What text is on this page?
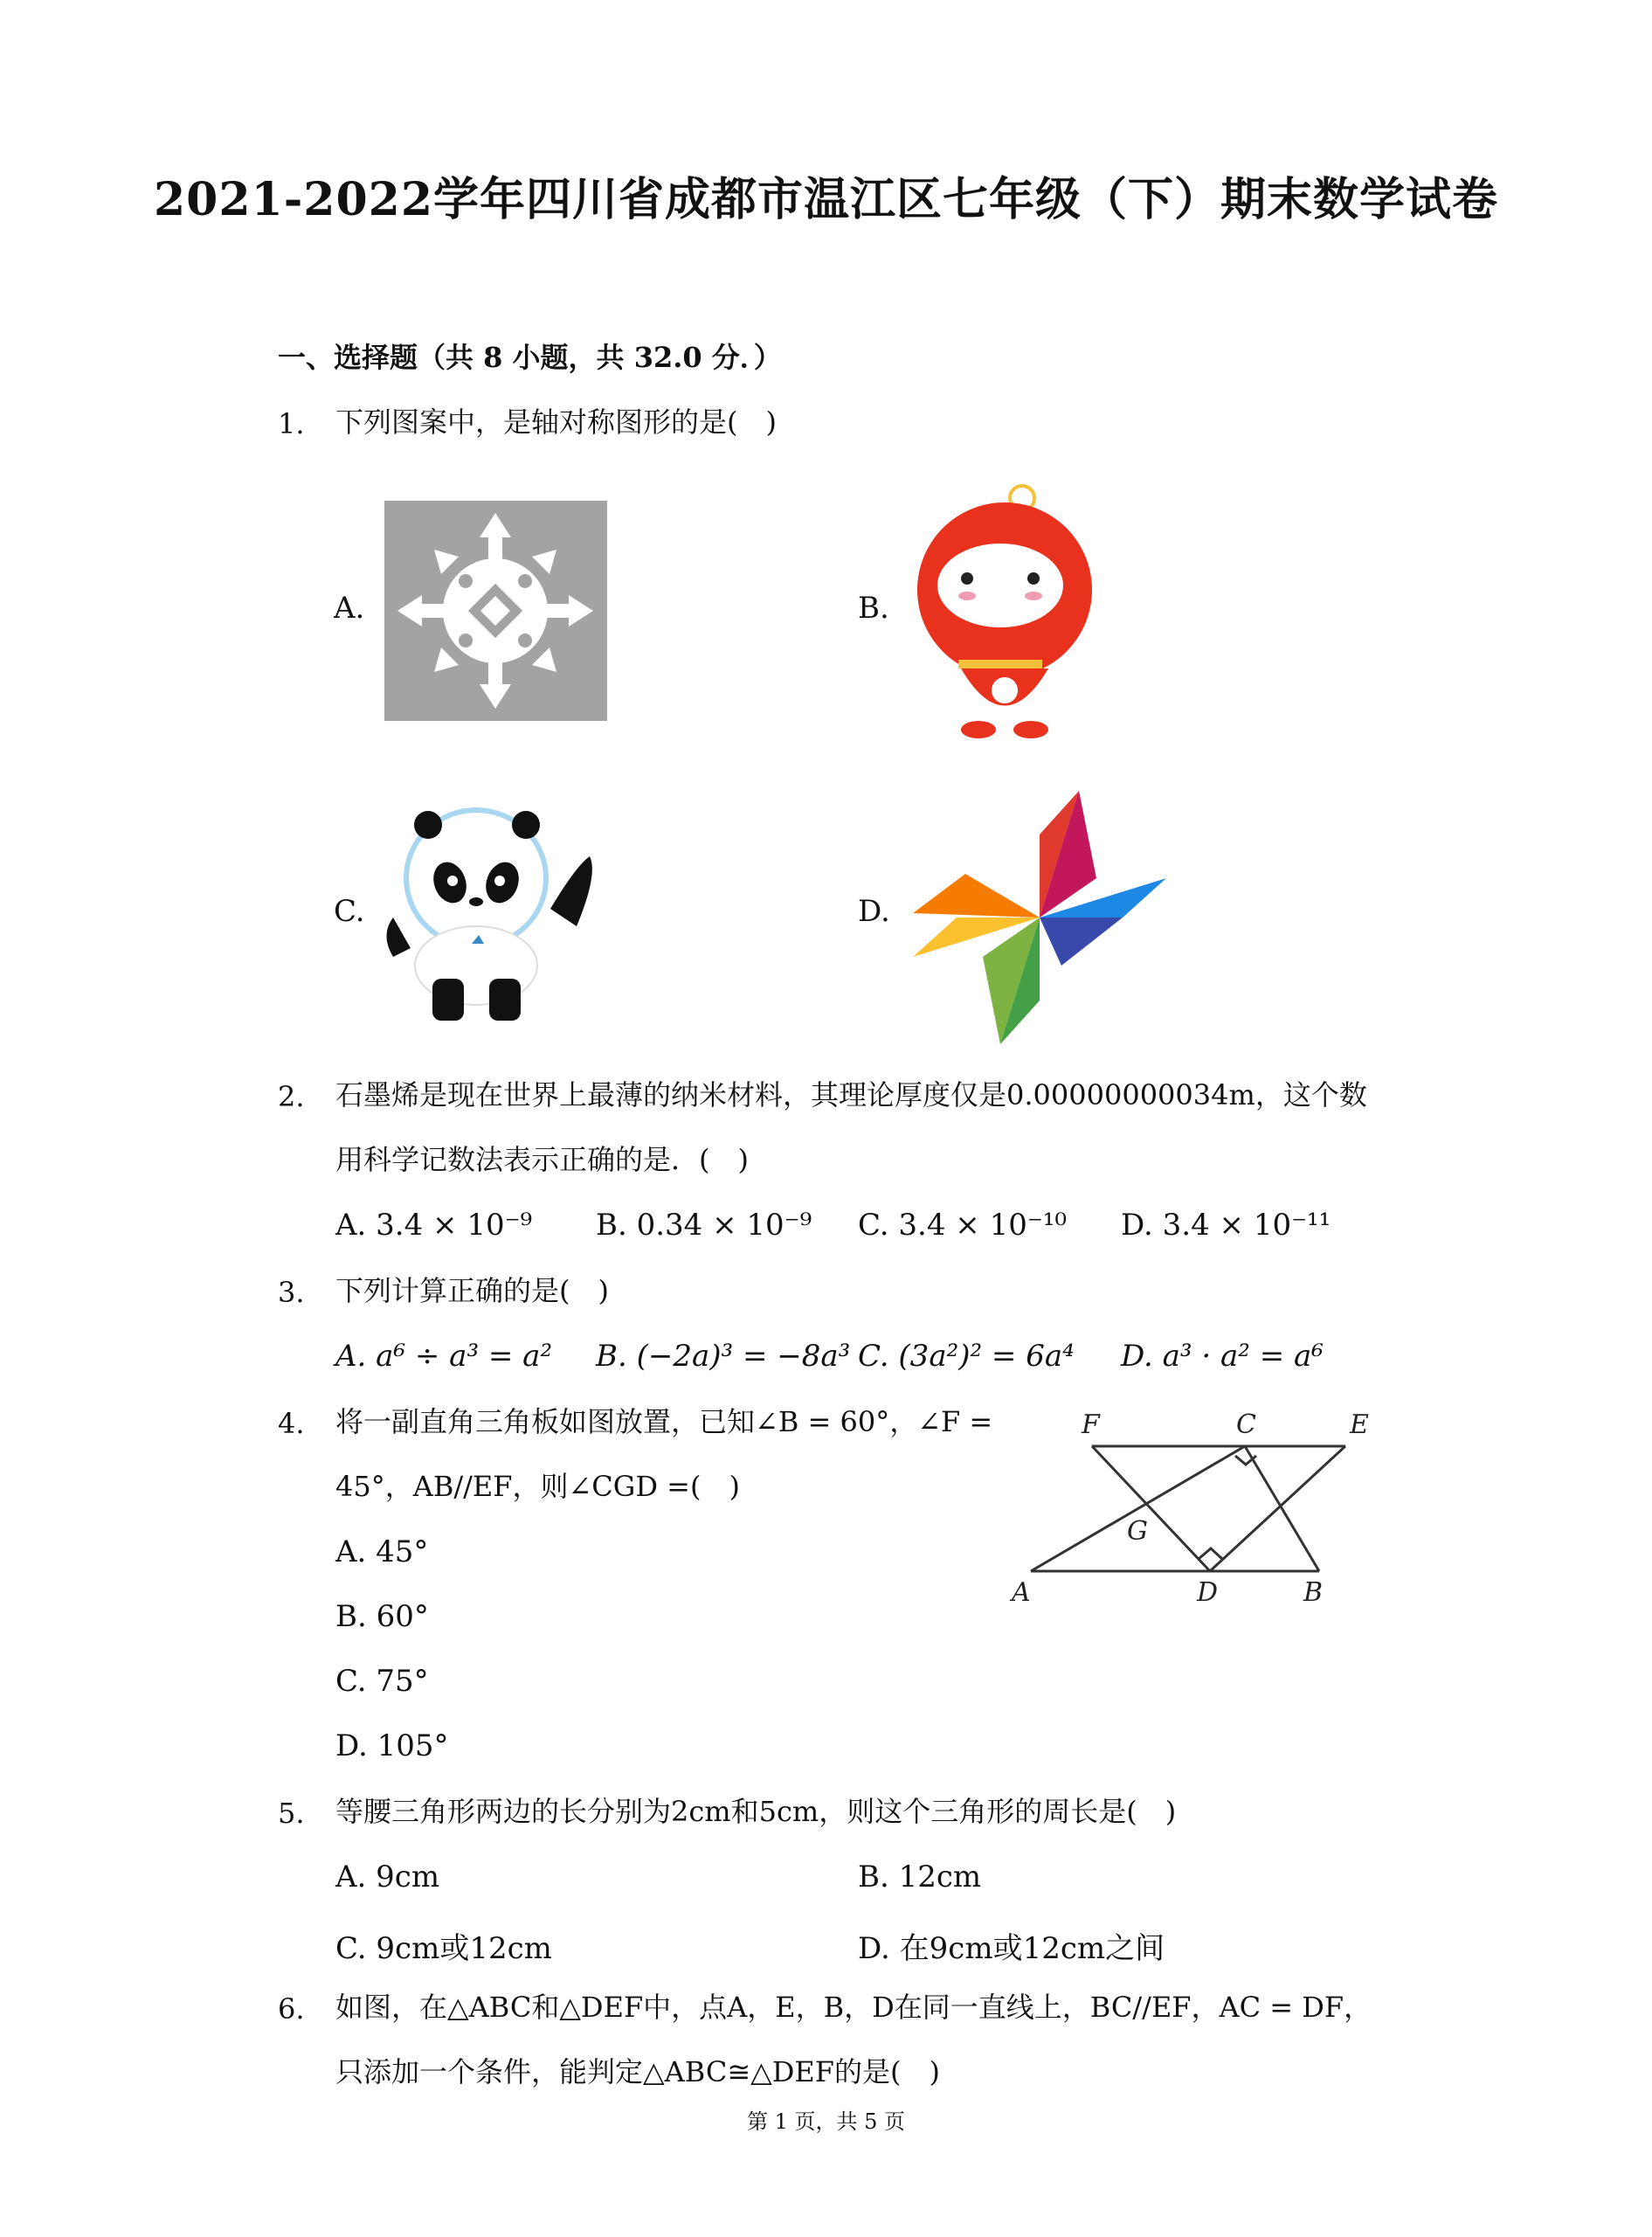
2021-2022学年四川省成都市温江区七年级（下）期末数学试卷
一、选择题（共 8 小题，共 32.0 分．）
1. 下列图案中，是轴对称图形的是(　)
A.	B.
C.	D.
2. 石墨烯是现在世界上最薄的纳米材料，其理论厚度仅是0.00000000034m，这个数
用科学记数法表示正确的是．(　)
A. 3.4 × 10⁻⁹ B. 0.34 × 10⁻⁹ C. 3.4 × 10⁻¹⁰ D. 3.4 × 10⁻¹¹
3. 下列计算正确的是(　)
A. a⁶ ÷ a³ = a² B. (−2a)³ = −8a³ C. (3a²)² = 6a⁴ D. a³ · a² = a⁶
4. 将一副直角三角板如图放置，已知∠B = 60°，∠F =
45°，AB//EF，则∠CGD =(　)
A. 45°
B. 60°
C. 75°
D. 105°
F	C	E
G
A	D	B
5. 等腰三角形两边的长分别为2cm和5cm，则这个三角形的周长是(　)
A. 9cm	B. 12cm
C. 9cm或12cm	D. 在9cm或12cm之间
6. 如图，在△ABC和△DEF中，点A，E，B，D在同一直线上，BC//EF，AC = DF，
只添加一个条件，能判定△ABC≅△DEF的是(　)
第 1 页，共 5 页
